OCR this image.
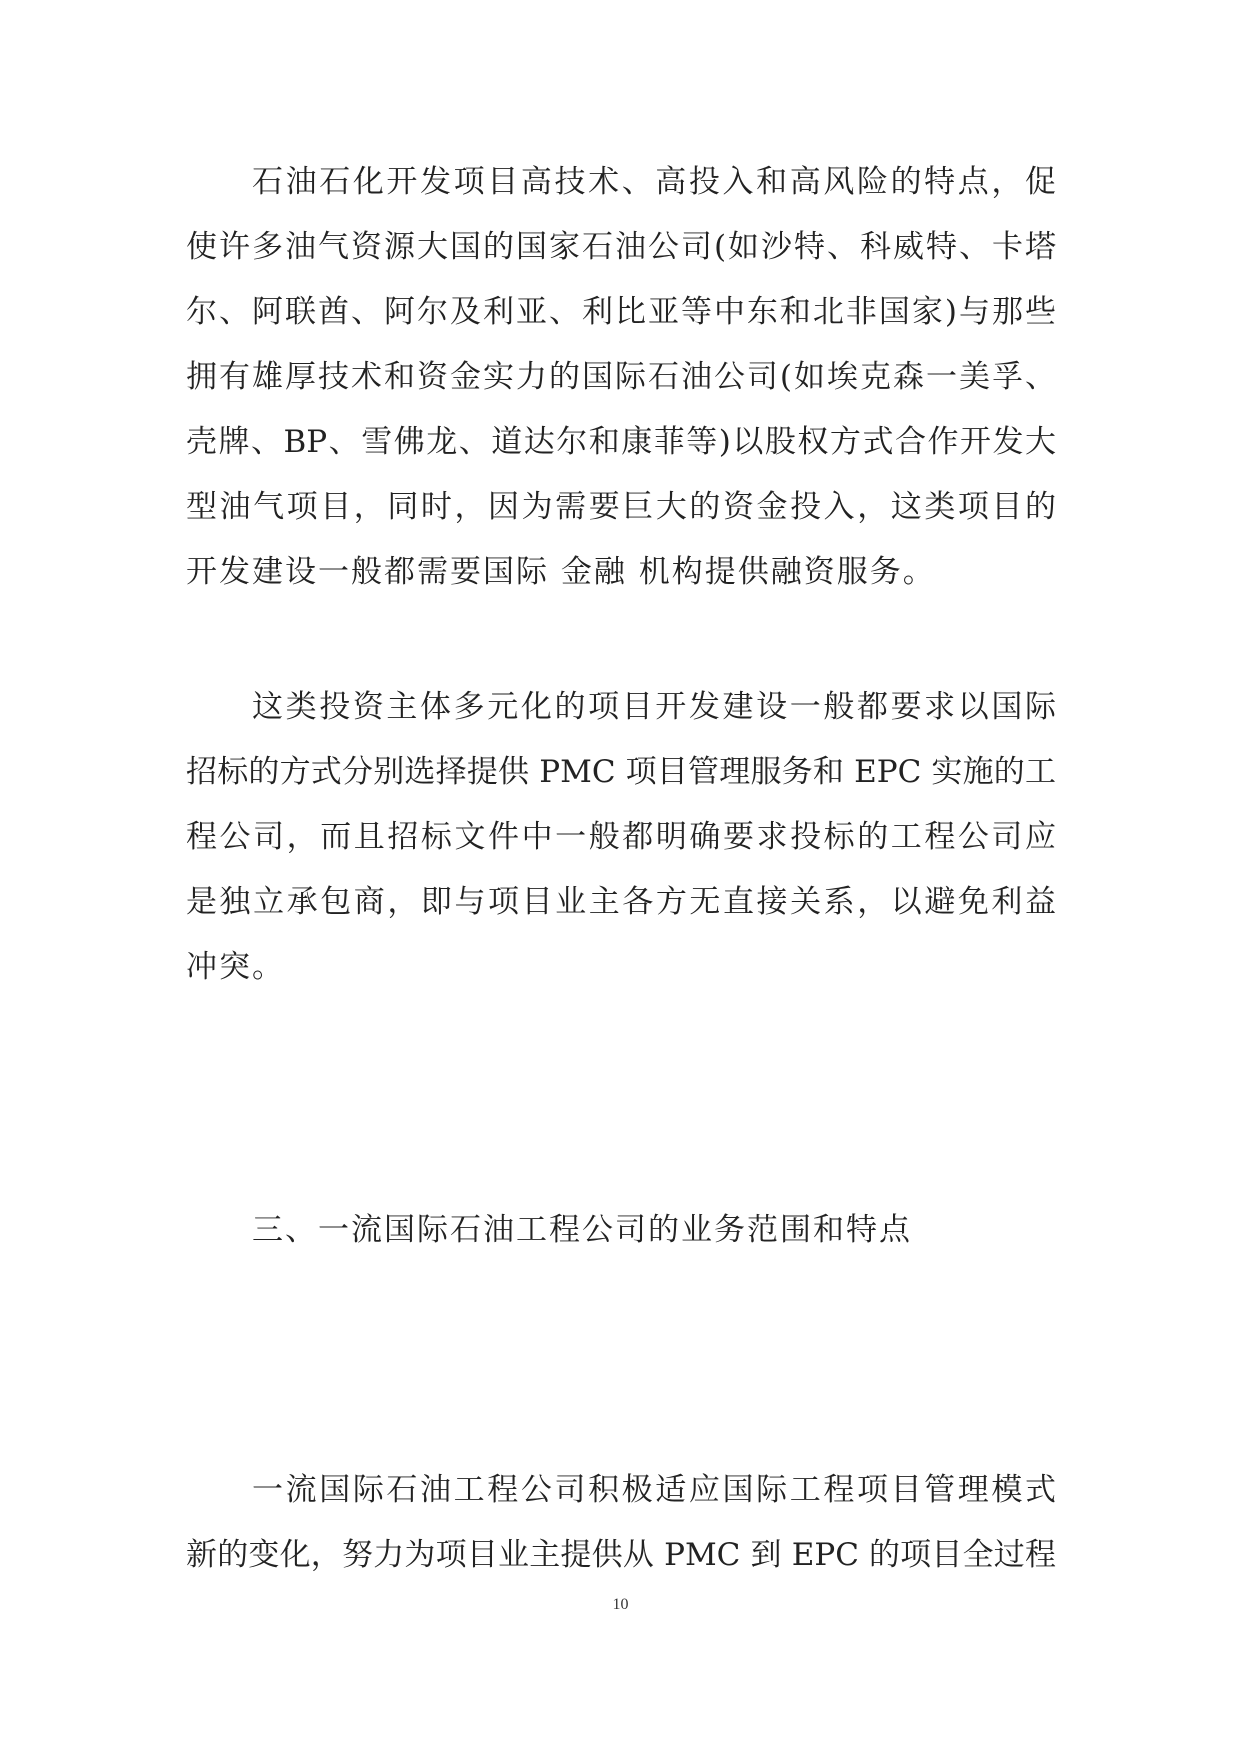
石油石化开发项目高技术、高投入和高风险的特点，促
使许多油气资源大国的国家石油公司(如沙特、科威特、卡塔
尔、阿联酋、阿尔及利亚、利比亚等中东和北非国家)与那些
拥有雄厚技术和资金实力的国际石油公司(如埃克森一美孚、
壳牌、BP、雪佛龙、道达尔和康菲等)以股权方式合作开发大
型油气项目，同时，因为需要巨大的资金投入，这类项目的
开发建设一般都需要国际 金融 机构提供融资服务。
这类投资主体多元化的项目开发建设一般都要求以国际
招标的方式分别选择提供 PMC 项目管理服务和 EPC 实施的工
程公司，而且招标文件中一般都明确要求投标的工程公司应
是独立承包商，即与项目业主各方无直接关系，以避免利益
冲突。
三、一流国际石油工程公司的业务范围和特点
一流国际石油工程公司积极适应国际工程项目管理模式
新的变化，努力为项目业主提供从 PMC 到 EPC 的项目全过程
10
